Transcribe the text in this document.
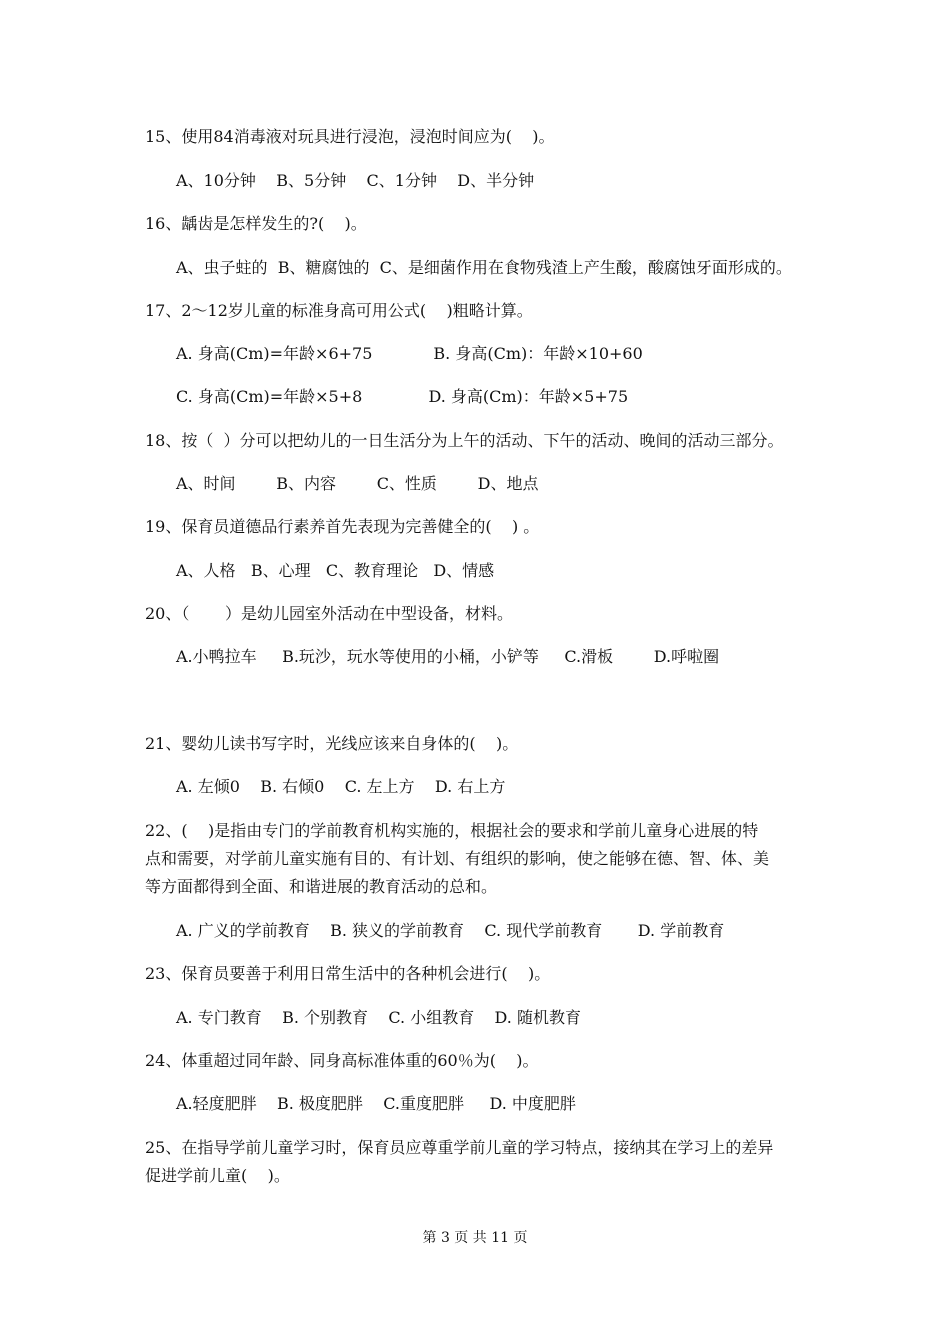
15、使用84消毒液对玩具进行浸泡，浸泡时间应为(    )。
A、10分钟    B、5分钟    C、1分钟    D、半分钟
16、龋齿是怎样发生的?(    )。
A、虫子蛀的  B、糖腐蚀的  C、是细菌作用在食物残渣上产生酸，酸腐蚀牙面形成的。
17、2～12岁儿童的标准身高可用公式(    )粗略计算。
A. 身高(Cm)=年龄×6+75            B. 身高(Cm)：年龄×10+60
C. 身高(Cm)=年龄×5+8             D. 身高(Cm)：年龄×5+75
18、按（  ）分可以把幼儿的一日生活分为上午的活动、下午的活动、晚间的活动三部分。
A、时间        B、内容        C、性质        D、地点
19、保育员道德品行素养首先表现为完善健全的(    ) 。
A、人格   B、心理   C、教育理论   D、情感
20、（       ）是幼儿园室外活动在中型设备，材料。
A.小鸭拉车     B.玩沙，玩水等使用的小桶，小铲等     C.滑板        D.呼啦圈
21、婴幼儿读书写字时，光线应该来自身体的(    )。
A. 左倾0    B. 右倾0    C. 左上方    D. 右上方
22、(    )是指由专门的学前教育机构实施的，根据社会的要求和学前儿童身心进展的特
点和需要，对学前儿童实施有目的、有计划、有组织的影响，使之能够在德、智、体、美
等方面都得到全面、和谐进展的教育活动的总和。
A. 广义的学前教育    B. 狭义的学前教育    C. 现代学前教育       D. 学前教育
23、保育员要善于利用日常生活中的各种机会进行(    )。
A. 专门教育    B. 个别教育    C. 小组教育    D. 随机教育
24、体重超过同年龄、同身高标准体重的60％为(    )。
A.轻度肥胖    B. 极度肥胖    C.重度肥胖     D. 中度肥胖
25、在指导学前儿童学习时，保育员应尊重学前儿童的学习特点，接纳其在学习上的差异
促进学前儿童(    )。
第 3 页 共 11 页
